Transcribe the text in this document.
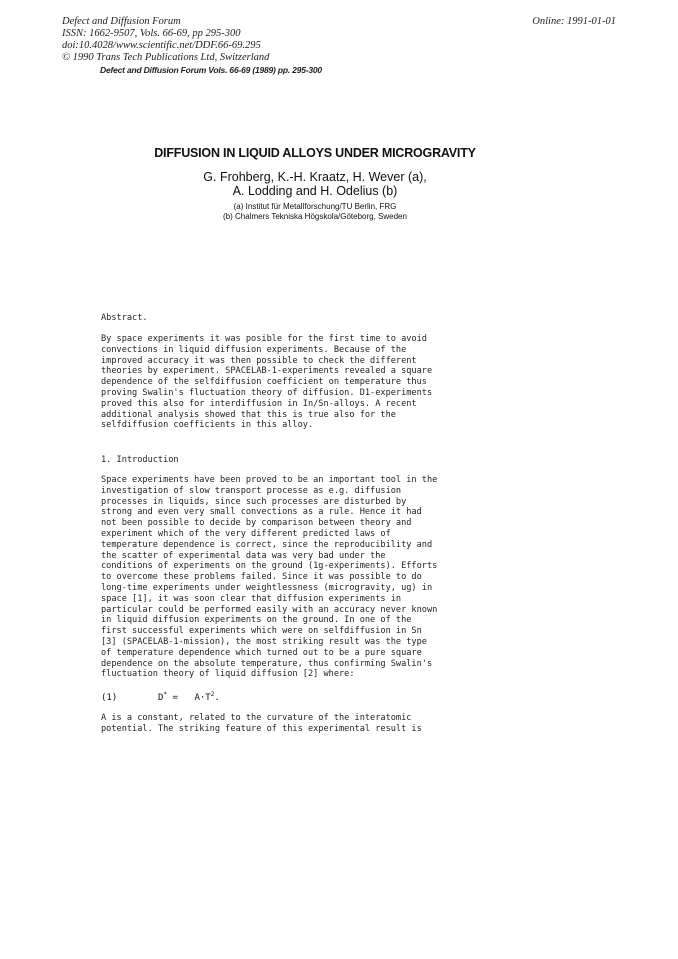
Defect and Diffusion Forum
ISSN: 1662-9507, Vols. 66-69, pp 295-300
doi:10.4028/www.scientific.net/DDF.66-69.295
© 1990 Trans Tech Publications Ltd, Switzerland
Online: 1991-01-01
Defect and Diffusion Forum Vols. 66-69 (1989) pp. 295-300
DIFFUSION IN LIQUID ALLOYS UNDER MICROGRAVITY
G. Frohberg, K.-H. Kraatz, H. Wever (a),
A. Lodding and H. Odelius (b)
(a) Institut für Metallforschung/TU Berlin, FRG
(b) Chalmers Tekniska Högskola/Göteborg, Sweden
Abstract.
By space experiments it was posible for the first time to avoid
convections in liquid diffusion experiments. Because of the
improved accuracy it was then possible to check the different
theories by experiment. SPACELAB-1-experiments revealed a square
dependence of the selfdiffusion coefficient on temperature thus
proving Swalin's fluctuation theory of diffusion. D1-experiments
proved this also for interdiffusion in In/Sn-alloys. A recent
additional analysis showed that this is true also for the
selfdiffusion coefficients in this alloy.
1. Introduction
Space experiments have been proved to be an important tool in the
investigation of slow transport processe as e.g. diffusion
processes in liquids, since such processes are disturbed by
strong and even very small convections as a rule. Hence it had
not been possible to decide by comparison between theory and
experiment which of the very different predicted laws of
temperature dependence is correct, since the reproducibility and
the scatter of experimental data was very bad under the
conditions of experiments on the ground (1g-experiments). Efforts
to overcome these problems failed. Since it was possible to do
long-time experiments under weightlessness (microgravity, ug) in
space [1], it was soon clear that diffusion experiments in
particular could be performed easily with an accuracy never known
in liquid diffusion experiments on the ground. In one of the
first successful experiments which were on selfdiffusion in Sn
[3] (SPACELAB-1-mission), the most striking result was the type
of temperature dependence which turned out to be a pure square
dependence on the absolute temperature, thus confirming Swalin's
fluctuation theory of liquid diffusion [2] where:
(1)	$D^* = A\cdot T^2$.
A is a constant, related to the curvature of the interatomic
potential. The striking feature of this experimental result is
